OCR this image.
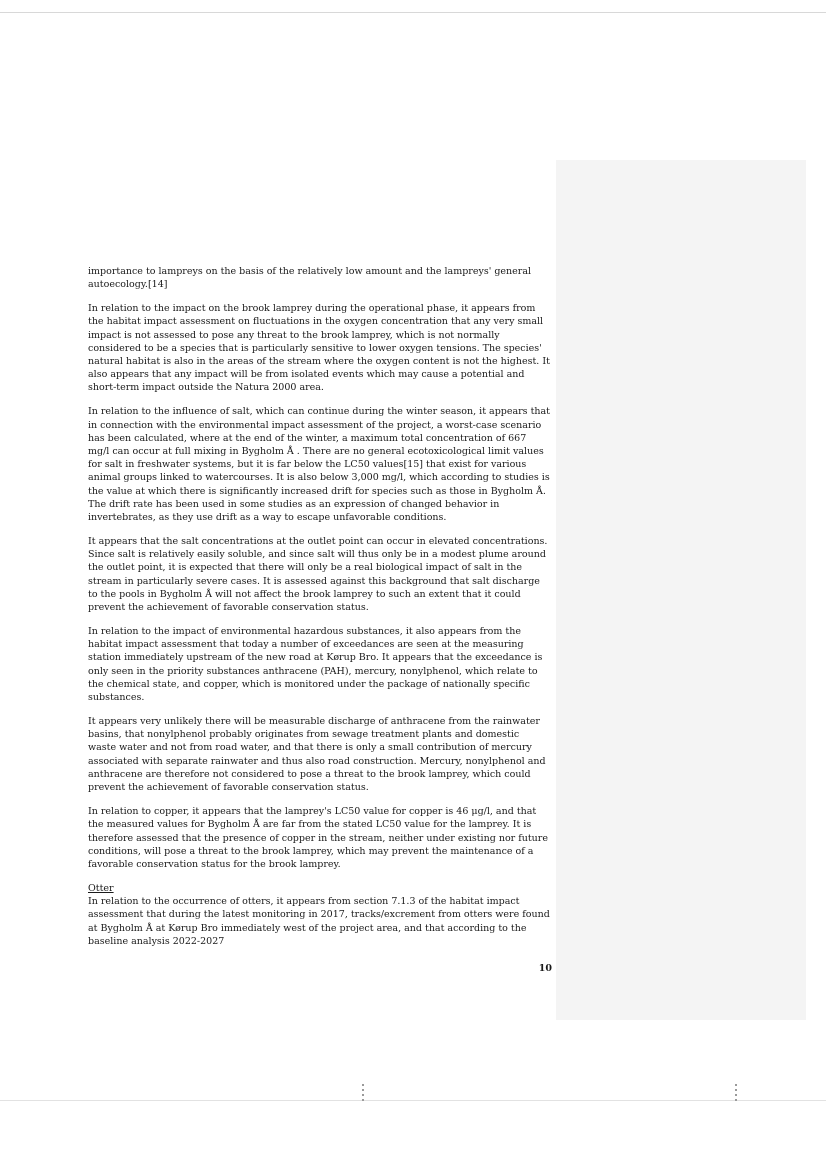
importance to lampreys on the basis of the relatively low amount and the lampreys' general autoecology.[14]

In relation to the impact on the brook lamprey during the operational phase, it appears from the habitat impact assessment on fluctuations in the oxygen concentration that any very small impact is not assessed to pose any threat to the brook lamprey, which is not normally considered to be a species that is particularly sensitive to lower oxygen tensions. The species' natural habitat is also in the areas of the stream where the oxygen content is not the highest. It also appears that any impact will be from isolated events which may cause a potential and short-term impact outside the Natura 2000 area.

In relation to the influence of salt, which can continue during the winter season, it appears that in connection with the environmental impact assessment of the project, a worst-case scenario has been calculated, where at the end of the winter, a maximum total concentration of 667 mg/l can occur at full mixing in Bygholm Å . There are no general ecotoxicological limit values for salt in freshwater systems, but it is far below the LC50 values[15] that exist for various animal groups linked to watercourses. It is also below 3,000 mg/l, which according to studies is the value at which there is significantly increased drift for species such as those in Bygholm Å. The drift rate has been used in some studies as an expression of changed behavior in invertebrates, as they use drift as a way to escape unfavorable conditions.

It appears that the salt concentrations at the outlet point can occur in elevated concentrations. Since salt is relatively easily soluble, and since salt will thus only be in a modest plume around the outlet point, it is expected that there will only be a real biological impact of salt in the stream in particularly severe cases. It is assessed against this background that salt discharge to the pools in Bygholm Å will not affect the brook lamprey to such an extent that it could prevent the achievement of favorable conservation status.

In relation to the impact of environmental hazardous substances, it also appears from the habitat impact assessment that today a number of exceedances are seen at the measuring station immediately upstream of the new road at Kørup Bro. It appears that the exceedance is only seen in the priority substances anthracene (PAH), mercury, nonylphenol, which relate to the chemical state, and copper, which is monitored under the package of nationally specific substances.

It appears very unlikely there will be measurable discharge of anthracene from the rainwater basins, that nonylphenol probably originates from sewage treatment plants and domestic waste water and not from road water, and that there is only a small contribution of mercury associated with separate rainwater and thus also road construction. Mercury, nonylphenol and anthracene are therefore not considered to pose a threat to the brook lamprey, which could prevent the achievement of favorable conservation status.

In relation to copper, it appears that the lamprey's LC50 value for copper is 46 μg/l, and that the measured values for Bygholm Å are far from the stated LC50 value for the lamprey. It is therefore assessed that the presence of copper in the stream, neither under existing nor future conditions, will pose a threat to the brook lamprey, which may prevent the maintenance of a favorable conservation status for the brook lamprey.

Otter
In relation to the occurrence of otters, it appears from section 7.1.3 of the habitat impact assessment that during the latest monitoring in 2017, tracks/excrement from otters were found at Bygholm Å at Kørup Bro immediately west of the project area, and that according to the baseline analysis 2022-2027

10
